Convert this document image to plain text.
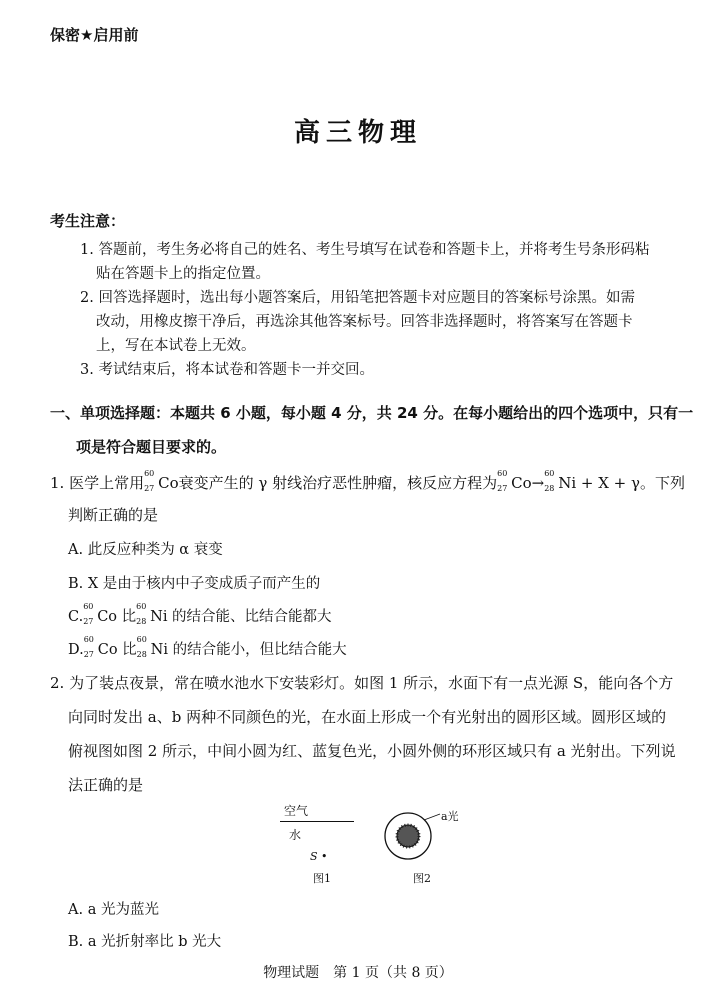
保密★启用前
高三物理
考生注意：
1. 答题前，考生务必将自己的姓名、考生号填写在试卷和答题卡上，并将考生号条形码粘
贴在答题卡上的指定位置。
2. 回答选择题时，选出每小题答案后，用铅笔把答题卡对应题目的答案标号涂黑。如需
改动，用橡皮擦干净后，再选涂其他答案标号。回答非选择题时，将答案写在答题卡
上，写在本试卷上无效。
3. 考试结束后，将本试卷和答题卡一并交回。
一、单项选择题：本题共 6 小题，每小题 4 分，共 24 分。在每小题给出的四个选项中，只有一
项是符合题目要求的。
1. 医学上常用
60
27 Co衰变产生的 γ 射线治疗恶性肿瘤，核反应方程为
60
27 Co→
60
28 Ni + X + γ。下列
判断正确的是
A. 此反应种类为 α 衰变
B. X 是由于核内中子变成质子而产生的
C.
60
27 Co 比
60
28 Ni 的结合能、比结合能都大
D.
60
27 Co 比
60
28 Ni 的结合能小，但比结合能大
2. 为了装点夜景，常在喷水池水下安装彩灯。如图 1 所示，水面下有一点光源 S，能向各个方
向同时发出 a、b 两种不同颜色的光，在水面上形成一个有光射出的圆形区域。圆形区域的
俯视图如图 2 所示，中间小圆为红、蓝复色光，小圆外侧的环形区域只有 a 光射出。下列说
法正确的是
空气
水
S •
图1
a光
图2
A. a 光为蓝光
B. a 光折射率比 b 光大
物理试题　第 1 页（共 8 页）
